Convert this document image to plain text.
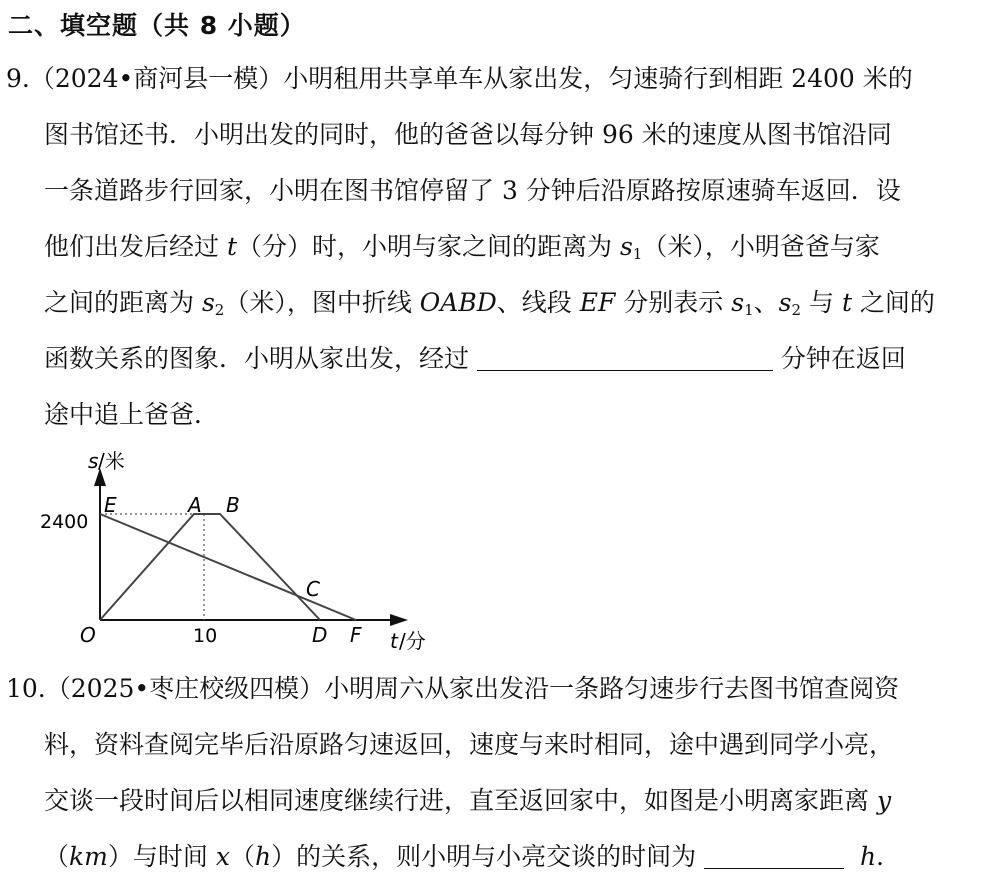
二、填空题（共 8 小题）
9.（2024•商河县一模）小明租用共享单车从家出发，匀速骑行到相距 2400 米的
图书馆还书．小明出发的同时，他的爸爸以每分钟 96 米的速度从图书馆沿同
一条道路步行回家，小明在图书馆停留了 3 分钟后沿原路按原速骑车返回．设
他们出发后经过 t（分）时，小明与家之间的距离为 $s_1$（米），小明爸爸与家
之间的距离为 $s_2$（米），图中折线 OABD、线段 EF 分别表示 $s_1$、$s_2$ 与 t 之间的
函数关系的图象．小明从家出发，经过	分钟在返回
途中追上爸爸．
s /米
t /分
2400
10
O
E	A B
C
D F
10.（2025•枣庄校级四模）小明周六从家出发沿一条路匀速步行去图书馆查阅资
料，资料查阅完毕后沿原路匀速返回，速度与来时相同，途中遇到同学小亮，
交谈一段时间后以相同速度继续行进，直至返回家中，如图是小明离家距离 y
（km）与时间 x（h）的关系，则小明与小亮交谈的时间为	h．
